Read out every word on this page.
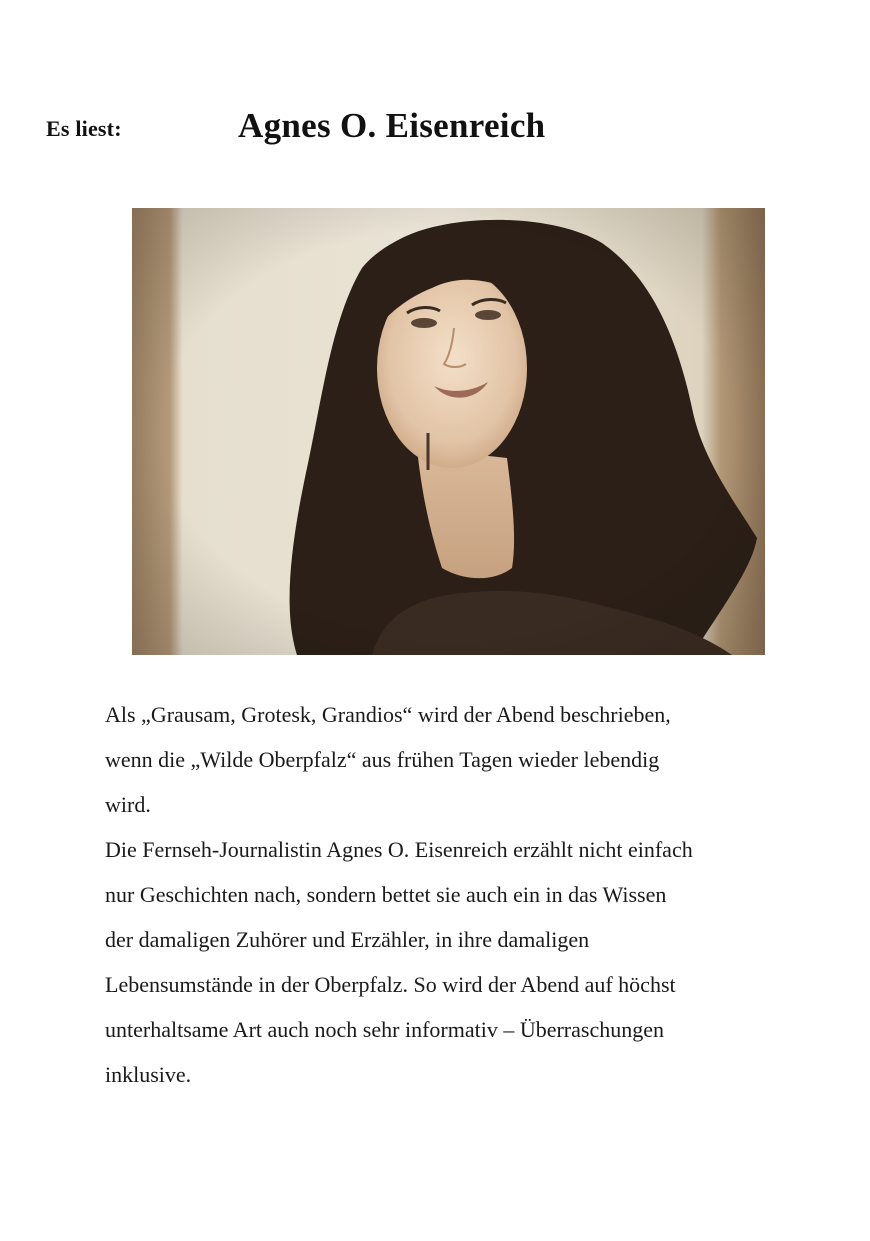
Es liest:	Agnes O. Eisenreich

Als „Grausam, Grotesk, Grandios“ wird der Abend beschrieben,
wenn die „Wilde Oberpfalz“ aus frühen Tagen wieder lebendig
wird.

Die Fernseh-Journalistin Agnes O. Eisenreich erzählt nicht einfach
nur Geschichten nach, sondern bettet sie auch ein in das Wissen
der damaligen Zuhörer und Erzähler, in ihre damaligen
Lebensumstände in der Oberpfalz. So wird der Abend auf höchst
unterhaltsame Art auch noch sehr informativ – Überraschungen
inklusive.
